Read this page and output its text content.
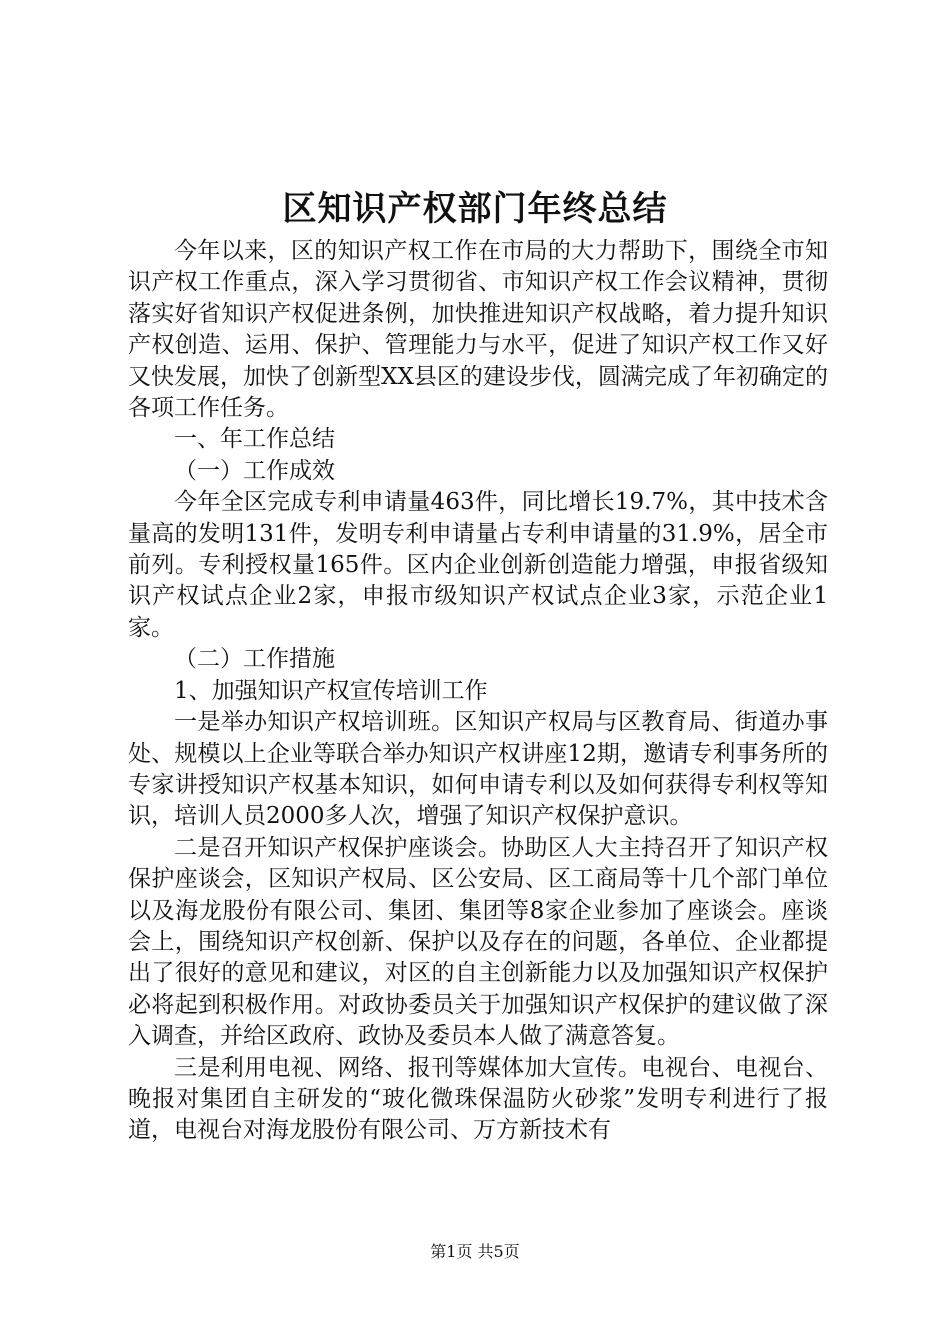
区知识产权部门年终总结

今年以来，区的知识产权工作在市局的大力帮助下，围绕全市知识产权工作重点，深入学习贯彻省、市知识产权工作会议精神，贯彻落实好省知识产权促进条例，加快推进知识产权战略，着力提升知识产权创造、运用、保护、管理能力与水平，促进了知识产权工作又好又快发展，加快了创新型XX县区的建设步伐，圆满完成了年初确定的各项工作任务。

一、年工作总结

（一）工作成效

今年全区完成专利申请量463件，同比增长19.7%，其中技术含量高的发明131件，发明专利申请量占专利申请量的31.9%，居全市前列。专利授权量165件。区内企业创新创造能力增强，申报省级知识产权试点企业2家，申报市级知识产权试点企业3家，示范企业1家。

（二）工作措施

1、加强知识产权宣传培训工作

一是举办知识产权培训班。区知识产权局与区教育局、街道办事处、规模以上企业等联合举办知识产权讲座12期，邀请专利事务所的专家讲授知识产权基本知识，如何申请专利以及如何获得专利权等知识，培训人员2000多人次，增强了知识产权保护意识。

二是召开知识产权保护座谈会。协助区人大主持召开了知识产权保护座谈会，区知识产权局、区公安局、区工商局等十几个部门单位以及海龙股份有限公司、集团、集团等8家企业参加了座谈会。座谈会上，围绕知识产权创新、保护以及存在的问题，各单位、企业都提出了很好的意见和建议，对区的自主创新能力以及加强知识产权保护必将起到积极作用。对政协委员关于加强知识产权保护的建议做了深入调查，并给区政府、政协及委员本人做了满意答复。

三是利用电视、网络、报刊等媒体加大宣传。电视台、电视台、晚报对集团自主研发的“玻化微珠保温防火砂浆”发明专利进行了报道，电视台对海龙股份有限公司、万方新技术有

第1页 共5页
